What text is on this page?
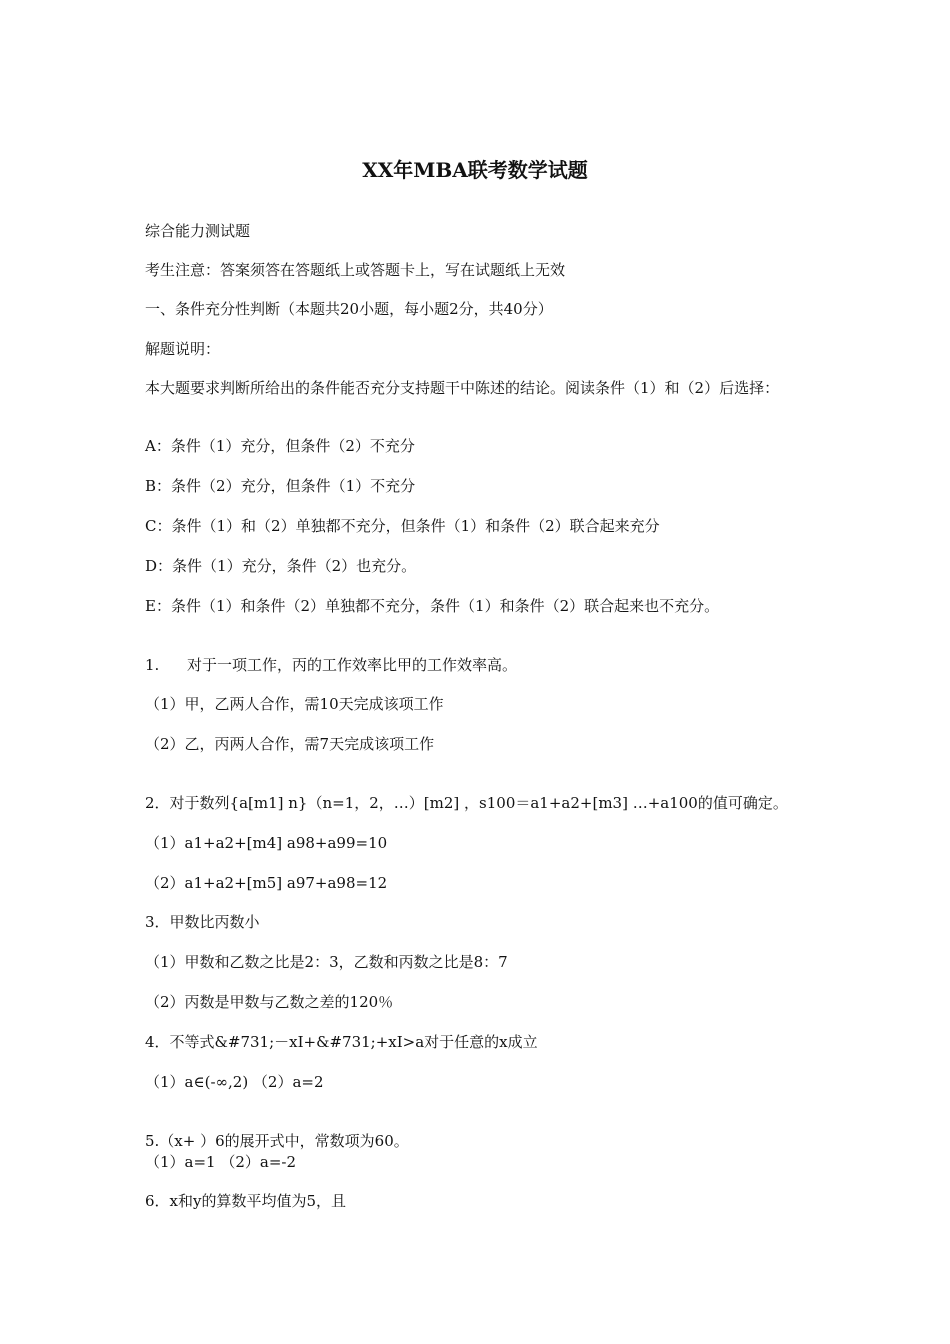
XX年MBA联考数学试题
综合能力测试题
考生注意：答案须答在答题纸上或答题卡上，写在试题纸上无效
一、条件充分性判断（本题共20小题，每小题2分，共40分）
解题说明：
本大题要求判断所给出的条件能否充分支持题干中陈述的结论。阅读条件（1）和（2）后选择：
A：条件（1）充分，但条件（2）不充分
B：条件（2）充分，但条件（1）不充分
C：条件（1）和（2）单独都不充分，但条件（1）和条件（2）联合起来充分
D：条件（1）充分，条件（2）也充分。
E：条件（1）和条件（2）单独都不充分，条件（1）和条件（2）联合起来也不充分。
1. 对于一项工作，丙的工作效率比甲的工作效率高。
（1）甲，乙两人合作，需10天完成该项工作
（2）乙，丙两人合作，需7天完成该项工作
2．对于数列{a[m1] n}（n=1，2，…）[m2] ，s100＝a1+a2+[m3] …+a100的值可确定。
（1）a1+a2+[m4] a98+a99=10
（2）a1+a2+[m5] a97+a98=12
3．甲数比丙数小
（1）甲数和乙数之比是2：3，乙数和丙数之比是8：7
（2）丙数是甲数与乙数之差的120％
4．不等式&#731;－xI+&#731;+xI>a对于任意的x成立
（1）a∈(-∞,2) （2）a=2
5.（x+ ）6的展开式中，常数项为60。
（1）a=1 （2）a=-2
6．x和y的算数平均值为5，且
